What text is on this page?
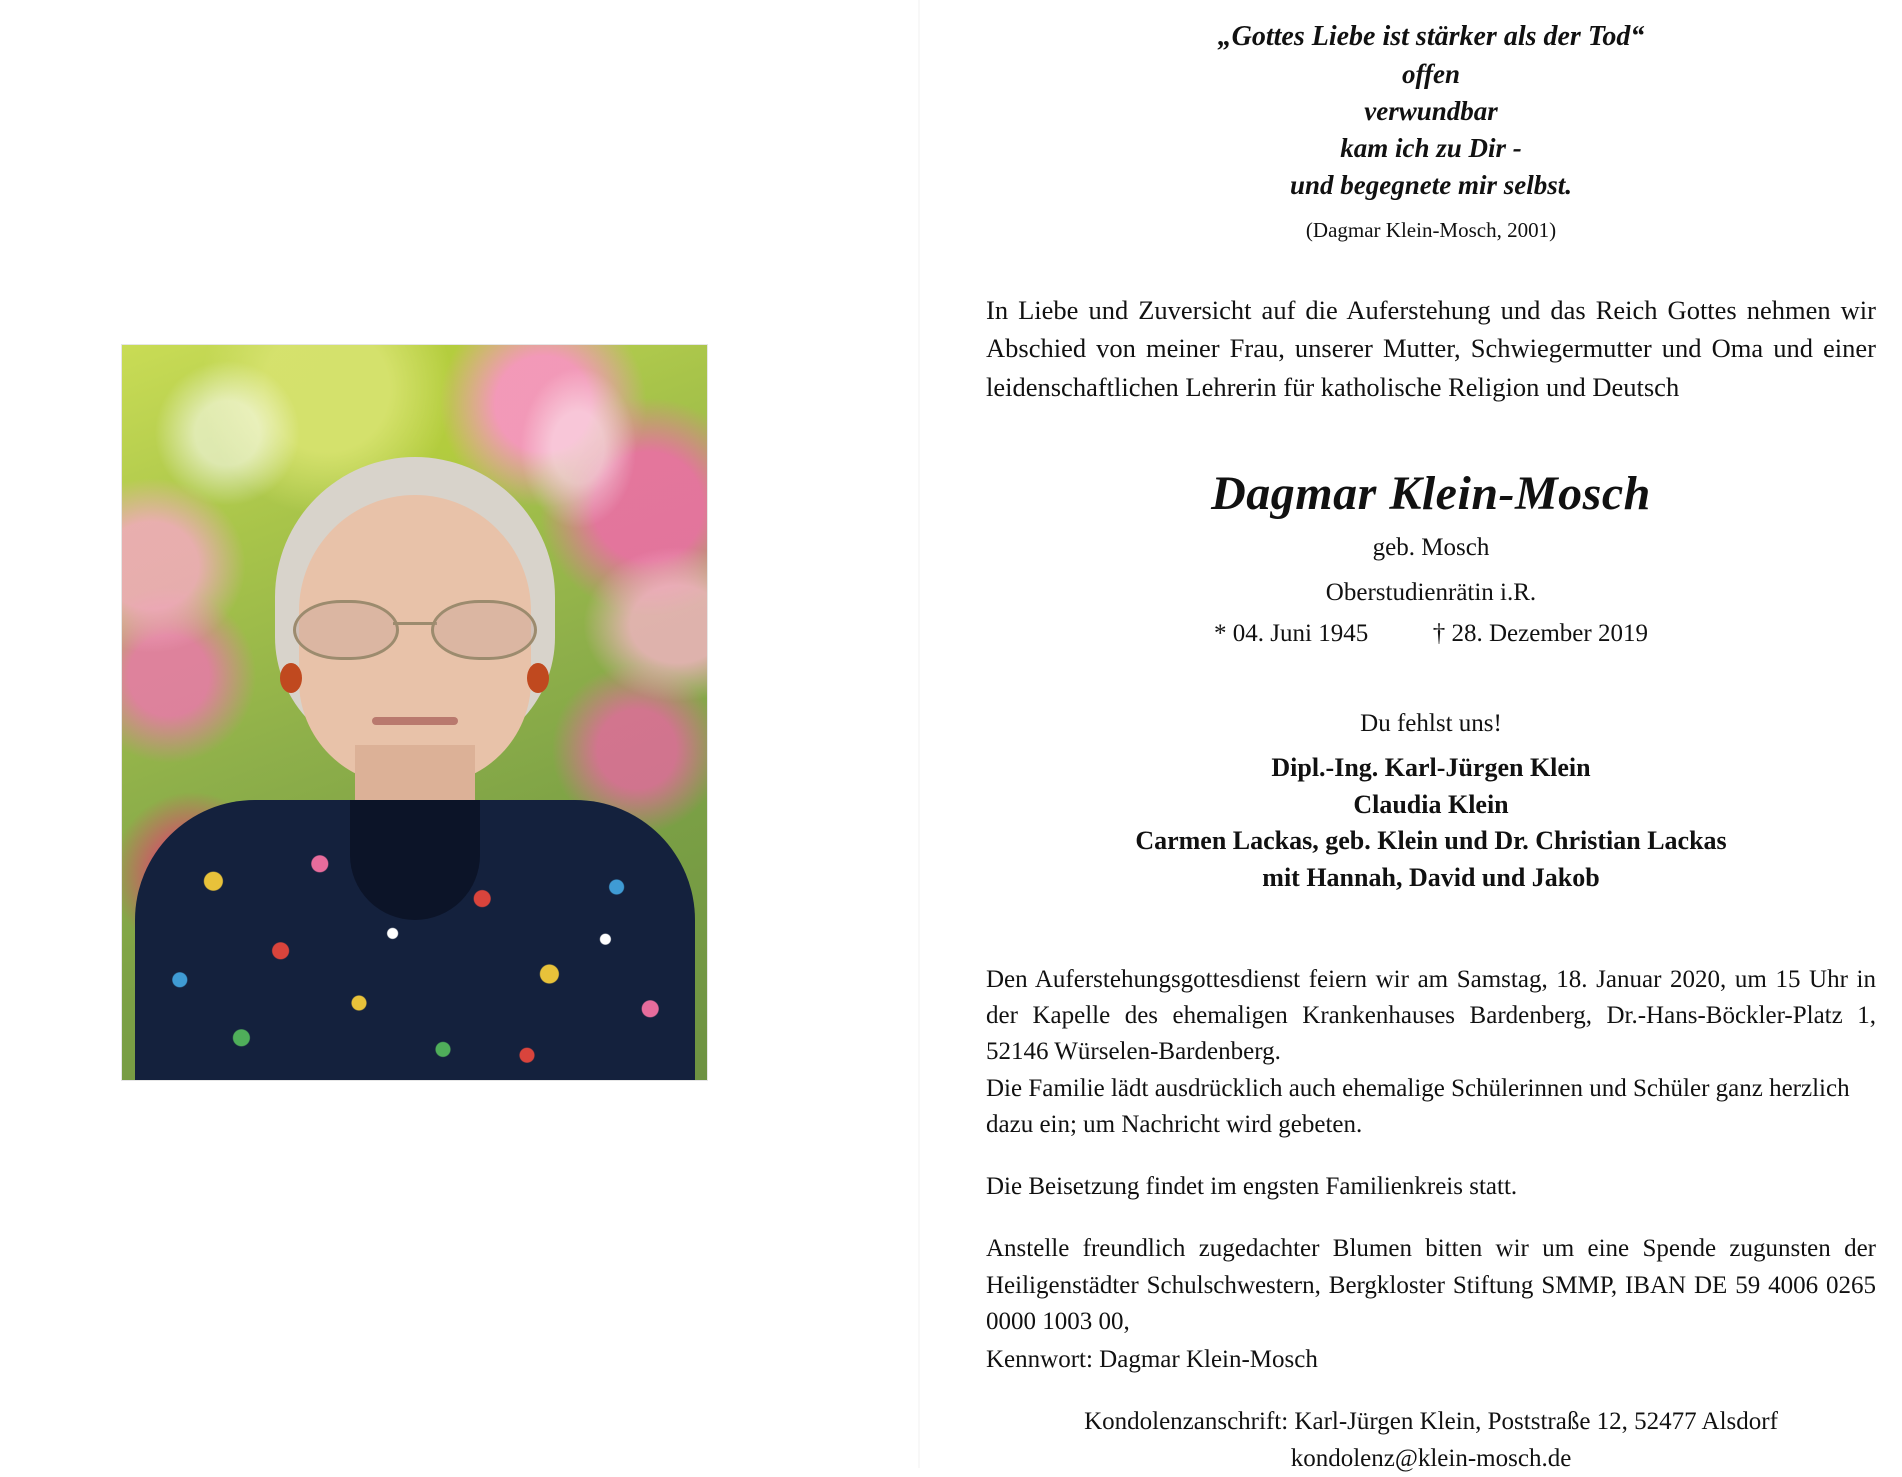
„Gottes Liebe ist stärker als der Tod“
offen
verwundbar
kam ich zu Dir -
und begegnete mir selbst.
(Dagmar Klein-Mosch, 2001)
In Liebe und Zuversicht auf die Auferstehung und das Reich Gottes nehmen wir Abschied von meiner Frau, unserer Mutter, Schwiegermutter und Oma und einer leidenschaftlichen Lehrerin für katholische Religion und Deutsch
Dagmar Klein-Mosch
geb. Mosch
Oberstudienrätin i.R.
* 04. Juni 1945	† 28. Dezember 2019
Du fehlst uns!
Dipl.-Ing. Karl-Jürgen Klein
Claudia Klein
Carmen Lackas, geb. Klein und Dr. Christian Lackas
mit Hannah, David und Jakob

Den Auferstehungsgottesdienst feiern wir am Samstag, 18. Januar 2020, um 15 Uhr in der Kapelle des ehemaligen Krankenhauses Bardenberg, Dr.-Hans-Böckler-Platz 1, 52146 Würselen-Bardenberg.

Die Familie lädt ausdrücklich auch ehemalige Schülerinnen und Schüler ganz herzlich dazu ein; um Nachricht wird gebeten.

Die Beisetzung findet im engsten Familienkreis statt.
Anstelle freundlich zugedachter Blumen bitten wir um eine Spende zugunsten der Heiligenstädter Schulschwestern, Bergkloster Stiftung SMMP, IBAN DE 59 4006 0265 0000 1003 00,
Kennwort: Dagmar Klein-Mosch
Kondolenzanschrift: Karl-Jürgen Klein, Poststraße 12, 52477 Alsdorf
kondolenz@klein-mosch.de
